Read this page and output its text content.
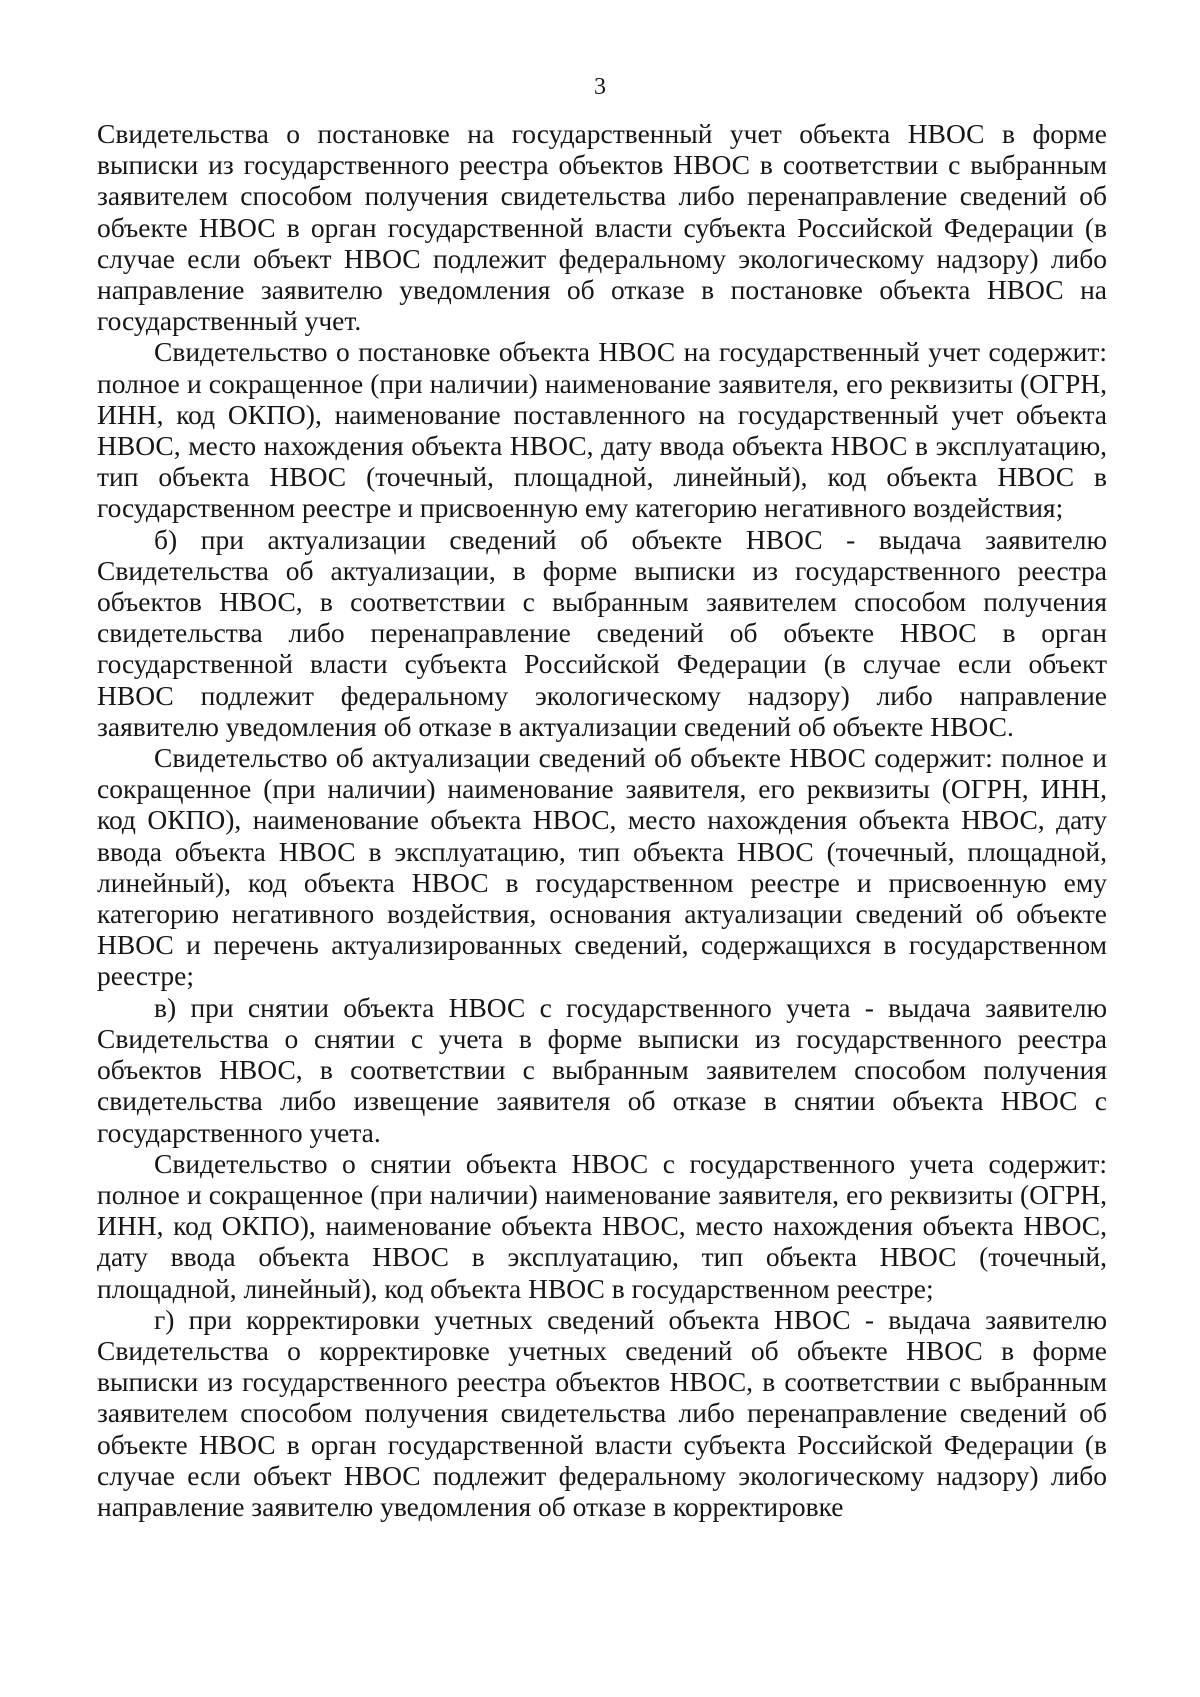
3

Свидетельства о постановке на государственный учет объекта НВОС в форме выписки из государственного реестра объектов НВОС в соответствии с выбранным заявителем способом получения свидетельства либо перенаправление сведений об объекте НВОС в орган государственной власти субъекта Российской Федерации (в случае если объект НВОС подлежит федеральному экологическому надзору) либо направление заявителю уведомления об отказе в постановке объекта НВОС на государственный учет.

Свидетельство о постановке объекта НВОС на государственный учет содержит: полное и сокращенное (при наличии) наименование заявителя, его реквизиты (ОГРН, ИНН, код ОКПО), наименование поставленного на государственный учет объекта НВОС, место нахождения объекта НВОС, дату ввода объекта НВОС в эксплуатацию, тип объекта НВОС (точечный, площадной, линейный), код объекта НВОС в государственном реестре и присвоенную ему категорию негативного воздействия;

б) при актуализации сведений об объекте НВОС - выдача заявителю Свидетельства об актуализации, в форме выписки из государственного реестра объектов НВОС, в соответствии с выбранным заявителем способом получения свидетельства либо перенаправление сведений об объекте НВОС в орган государственной власти субъекта Российской Федерации (в случае если объект НВОС подлежит федеральному экологическому надзору) либо направление заявителю уведомления об отказе в актуализации сведений об объекте НВОС.

Свидетельство об актуализации сведений об объекте НВОС содержит: полное и сокращенное (при наличии) наименование заявителя, его реквизиты (ОГРН, ИНН, код ОКПО), наименование объекта НВОС, место нахождения объекта НВОС, дату ввода объекта НВОС в эксплуатацию, тип объекта НВОС (точечный, площадной, линейный), код объекта НВОС в государственном реестре и присвоенную ему категорию негативного воздействия, основания актуализации сведений об объекте НВОС и перечень актуализированных сведений, содержащихся в государственном реестре;

в) при снятии объекта НВОС с государственного учета - выдача заявителю Свидетельства о снятии с учета в форме выписки из государственного реестра объектов НВОС, в соответствии с выбранным заявителем способом получения свидетельства либо извещение заявителя об отказе в снятии объекта НВОС с государственного учета.

Свидетельство о снятии объекта НВОС с государственного учета содержит: полное и сокращенное (при наличии) наименование заявителя, его реквизиты (ОГРН, ИНН, код ОКПО), наименование объекта НВОС, место нахождения объекта НВОС, дату ввода объекта НВОС в эксплуатацию, тип объекта НВОС (точечный, площадной, линейный), код объекта НВОС в государственном реестре;

г) при корректировки учетных сведений объекта НВОС - выдача заявителю Свидетельства о корректировке учетных сведений об объекте НВОС в форме выписки из государственного реестра объектов НВОС, в соответствии с выбранным заявителем способом получения свидетельства либо перенаправление сведений об объекте НВОС в орган государственной власти субъекта Российской Федерации (в случае если объект НВОС подлежит федеральному экологическому надзору) либо направление заявителю уведомления об отказе в корректировке
